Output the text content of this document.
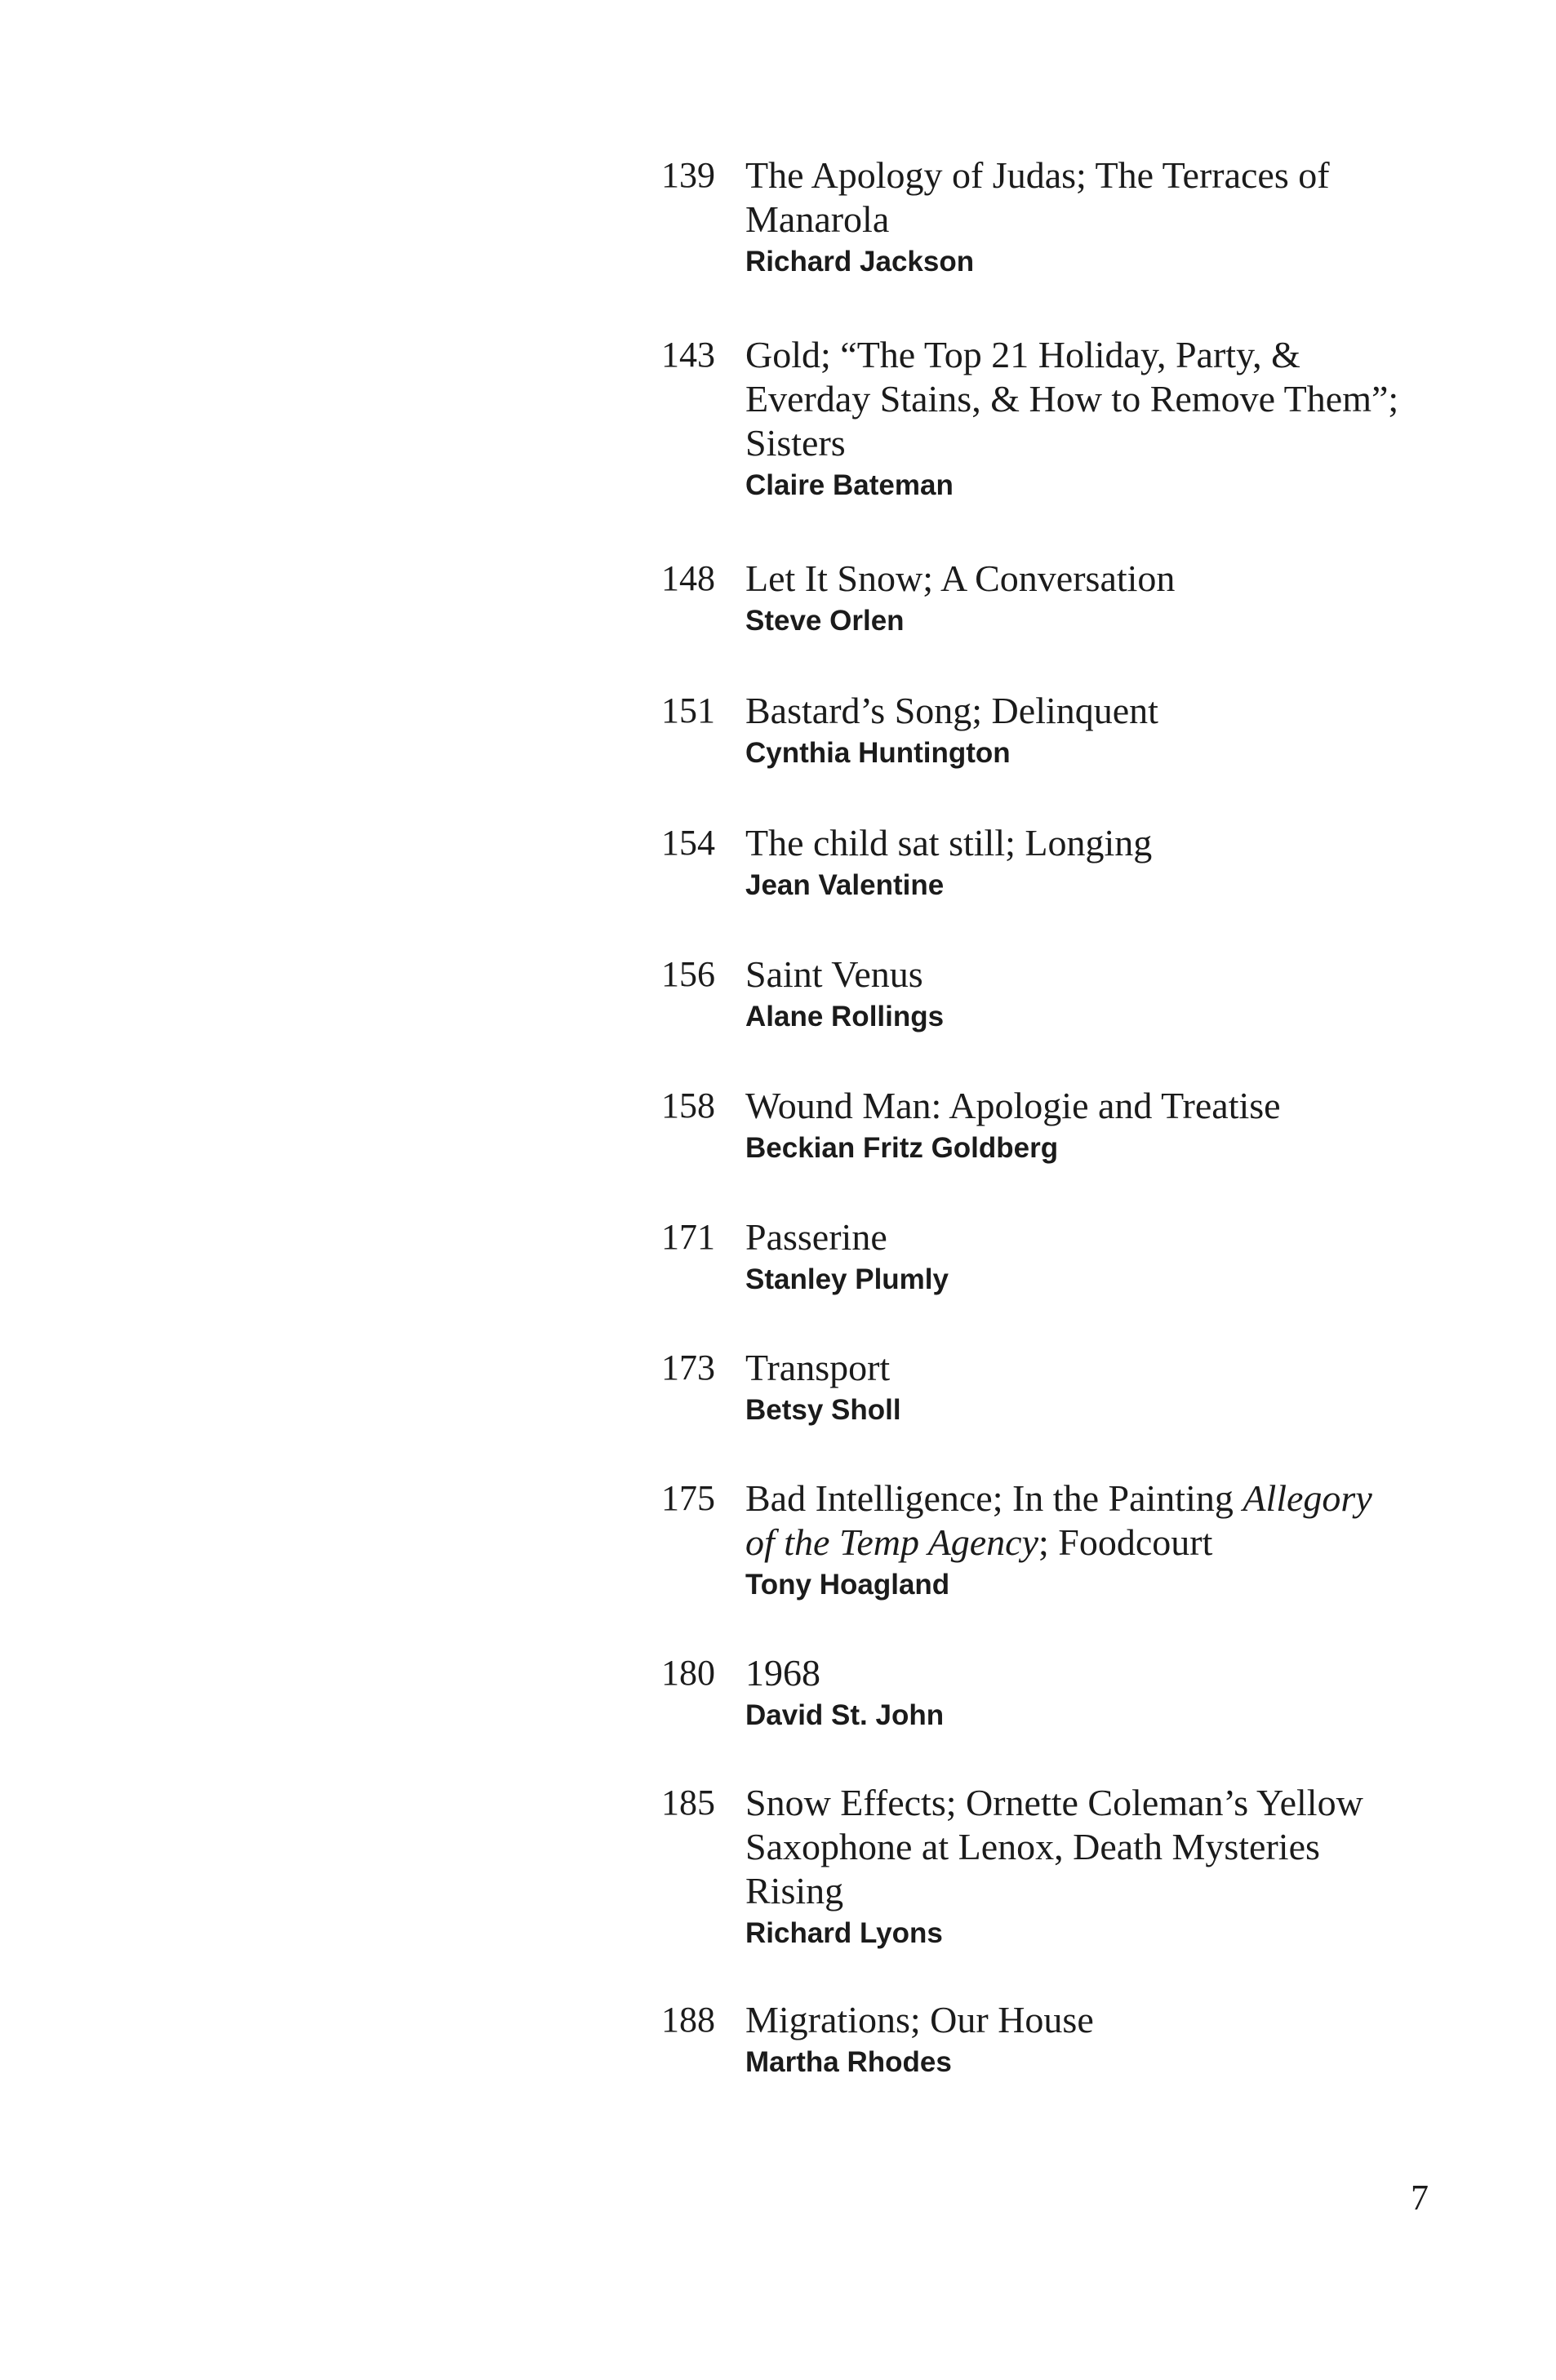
139 The Apology of Judas; The Terraces of
Manarola
Richard Jackson
143 Gold; “The Top 21 Holiday, Party, &
Everday Stains, & How to Remove Them”;
Sisters
Claire Bateman
148 Let It Snow; A Conversation
Steve Orlen
151 Bastard’s Song; Delinquent
Cynthia Huntington
154 The child sat still; Longing
Jean Valentine
156 Saint Venus
Alane Rollings
158 Wound Man: Apologie and Treatise
Beckian Fritz Goldberg
171 Passerine
Stanley Plumly
173 Transport
Betsy Sholl
175 Bad Intelligence; In the Painting Allegory
of the Temp Agency; Foodcourt
Tony Hoagland
180 1968
David St. John
185 Snow Effects; Ornette Coleman’s Yellow
Saxophone at Lenox, Death Mysteries
Rising
Richard Lyons
188 Migrations; Our House
Martha Rhodes
7
